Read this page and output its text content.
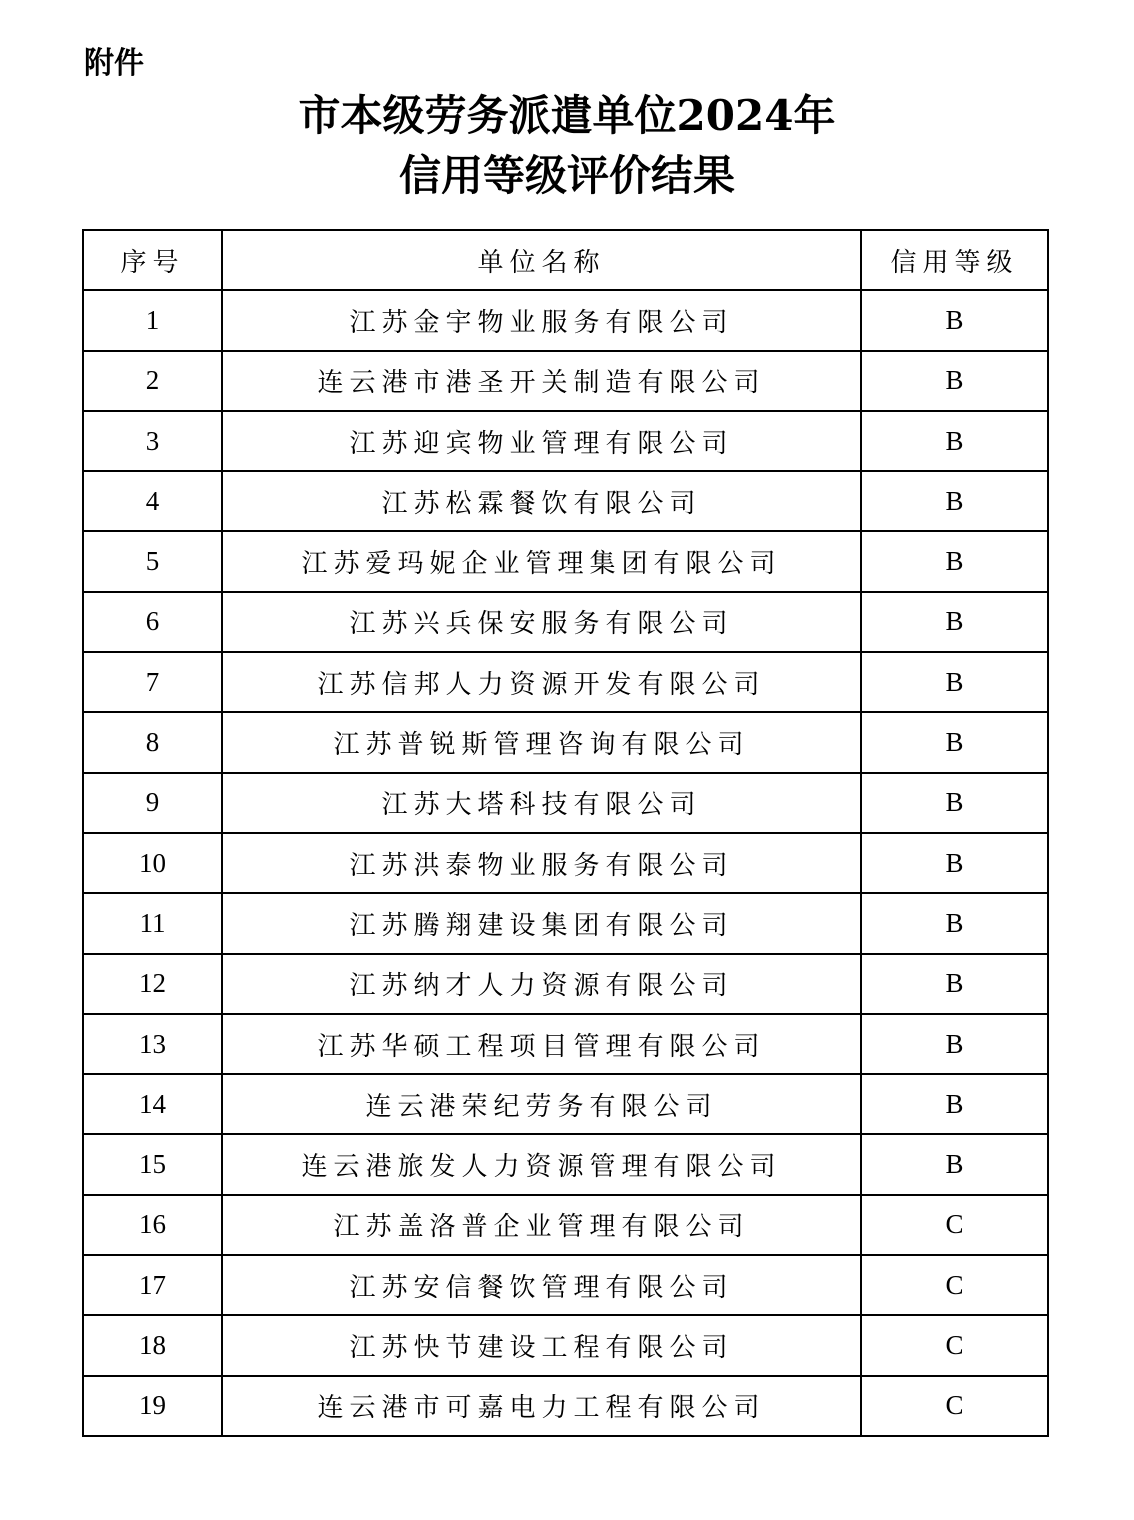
附件
市本级劳务派遣单位2024年
信用等级评价结果
序号	单位名称	信用等级
1	江苏金宇物业服务有限公司	B
2	连云港市港圣开关制造有限公司	B
3	江苏迎宾物业管理有限公司	B
4	江苏松霖餐饮有限公司	B
5	江苏爱玛妮企业管理集团有限公司	B
6	江苏兴兵保安服务有限公司	B
7	江苏信邦人力资源开发有限公司	B
8	江苏普锐斯管理咨询有限公司	B
9	江苏大塔科技有限公司	B
10	江苏洪泰物业服务有限公司	B
11	江苏腾翔建设集团有限公司	B
12	江苏纳才人力资源有限公司	B
13	江苏华硕工程项目管理有限公司	B
14	连云港荣纪劳务有限公司	B
15	连云港旅发人力资源管理有限公司	B
16	江苏盖洛普企业管理有限公司	C
17	江苏安信餐饮管理有限公司	C
18	江苏快节建设工程有限公司	C
19	连云港市可嘉电力工程有限公司	C
